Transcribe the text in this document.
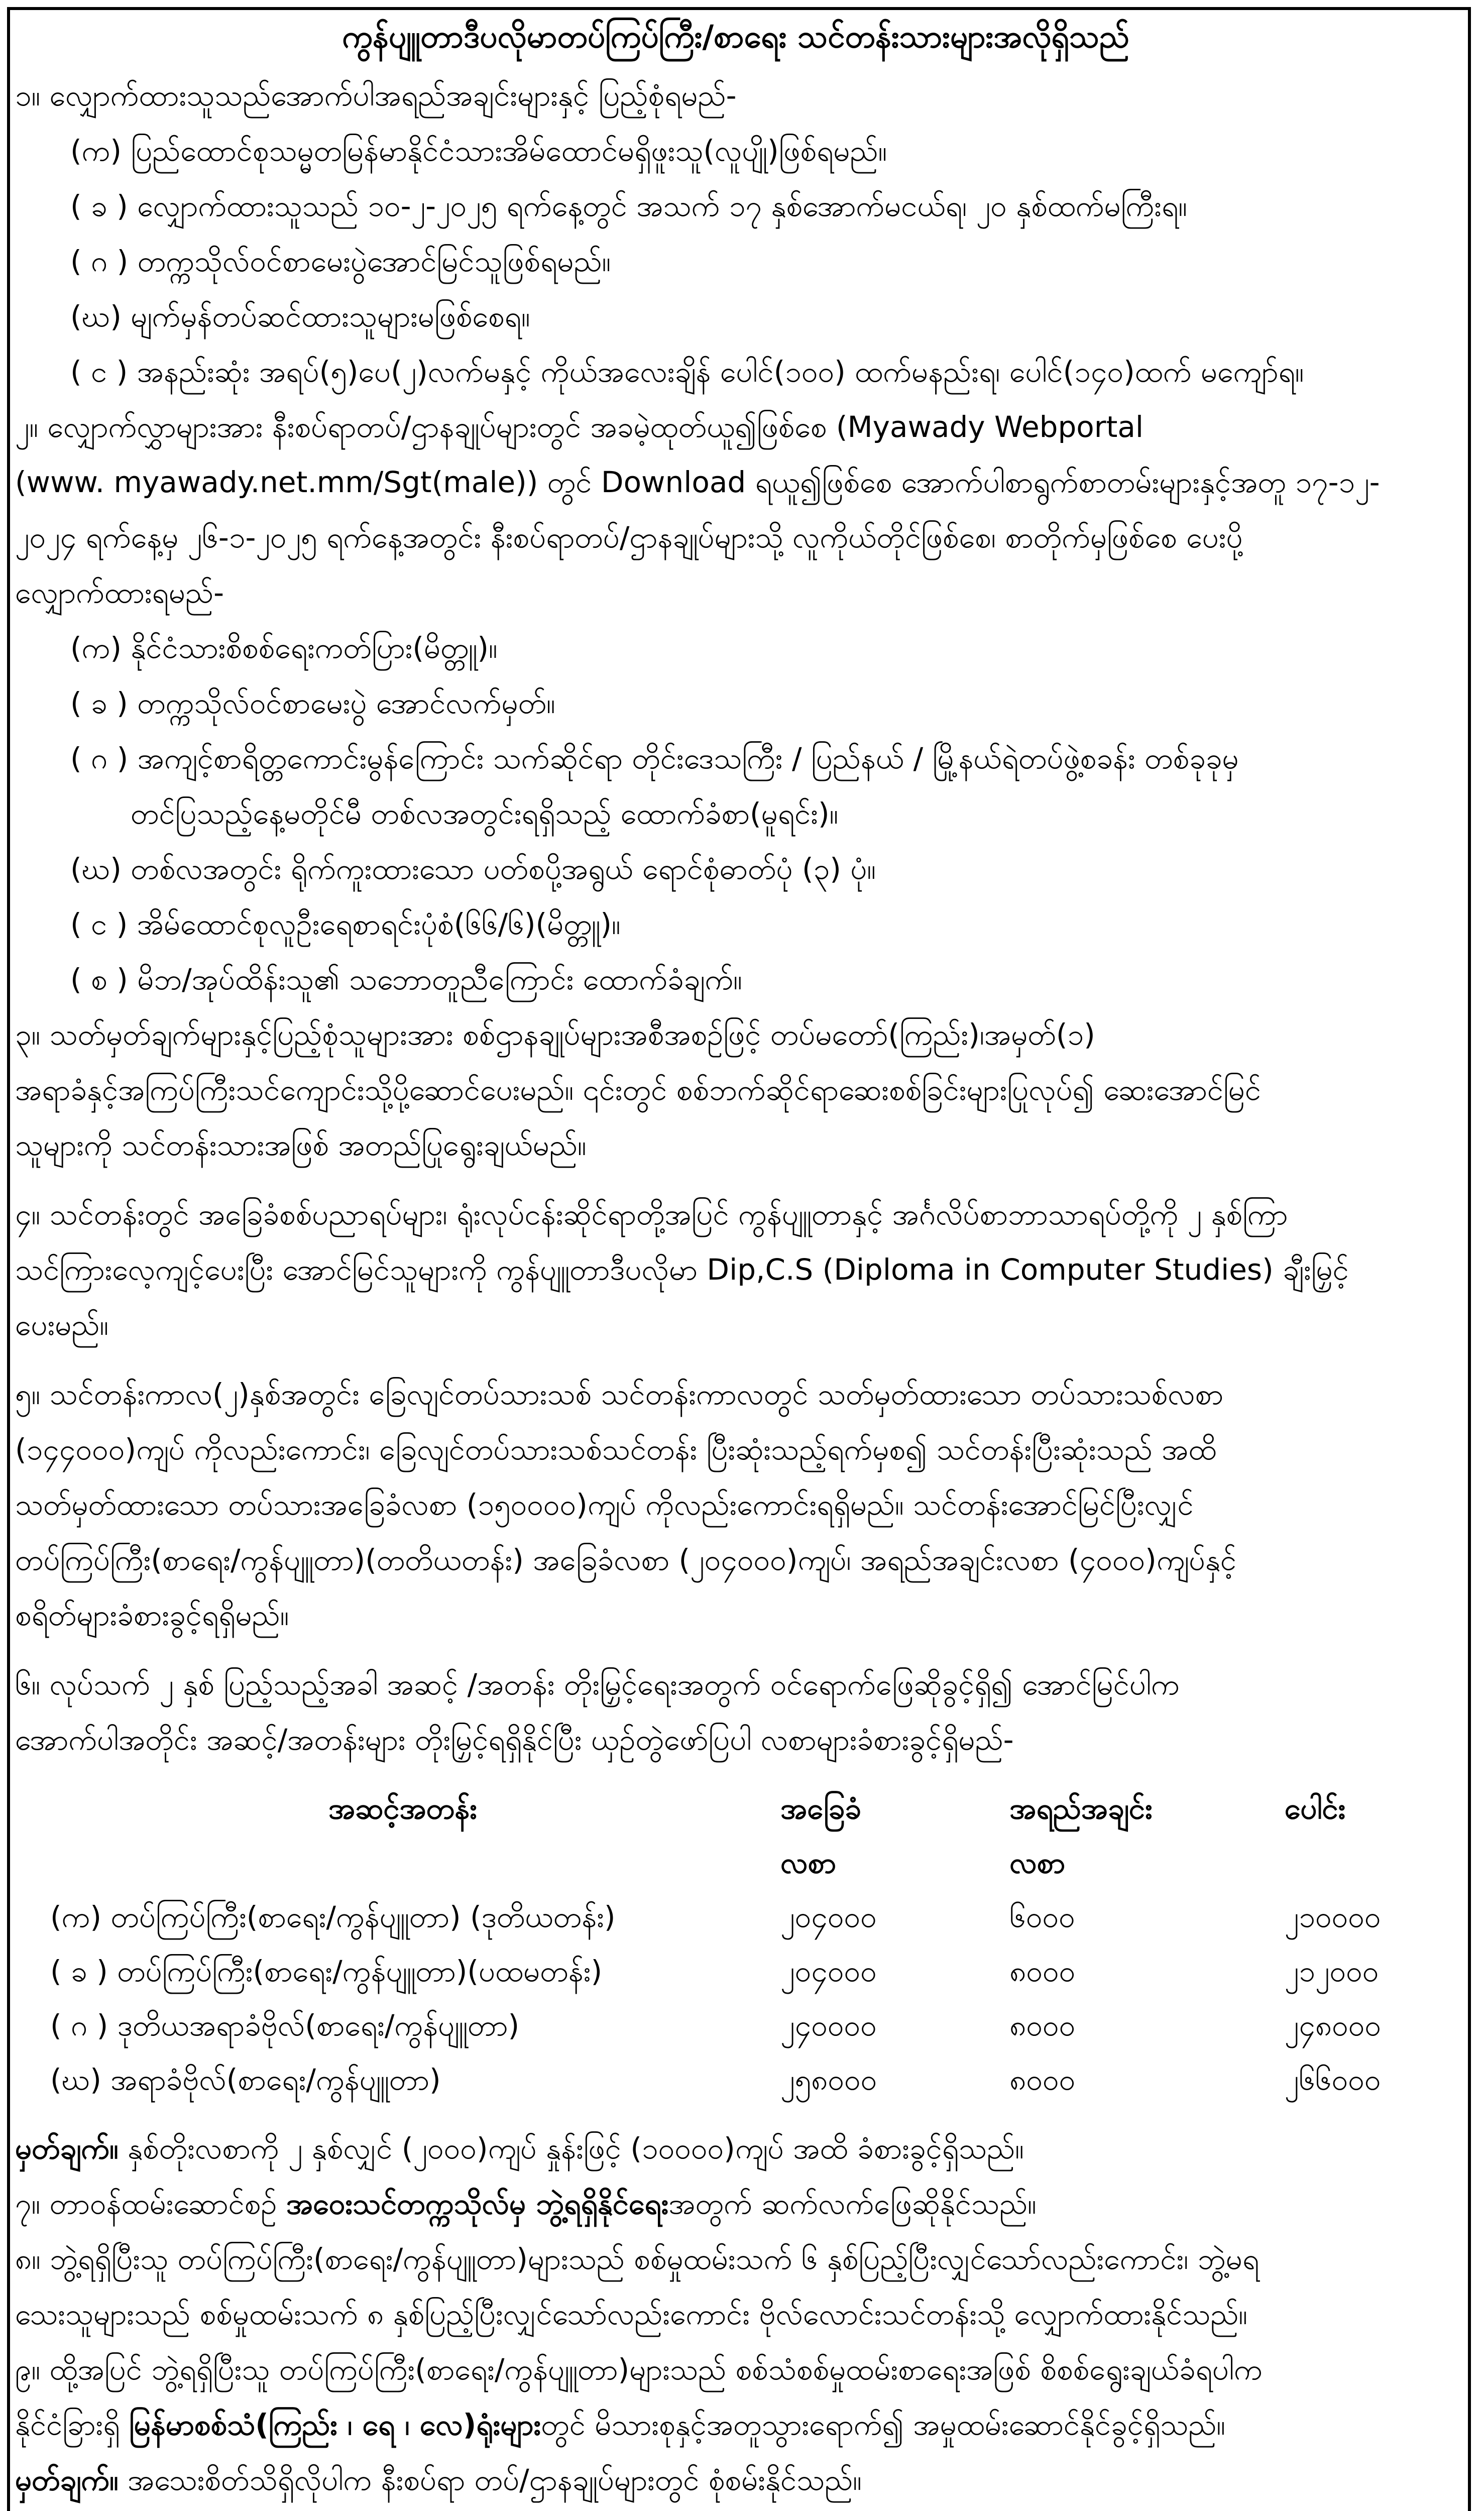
ကွန်ပျူတာဒီပလိုမာတပ်ကြပ်ကြီး/စာရေး သင်တန်းသားများအလိုရှိသည်
၁။ လျှောက်ထားသူသည်အောက်ပါအရည်အချင်းများနှင့် ပြည့်စုံရမည်-
(က) ပြည်ထောင်စုသမ္မတမြန်မာနိုင်ငံသားအိမ်ထောင်မရှိဖူးသူ(လူပျို)ဖြစ်ရမည်။
( ခ ) လျှောက်ထားသူသည် ၁၀-၂-၂၀၂၅ ရက်နေ့တွင် အသက် ၁၇ နှစ်အောက်မငယ်ရ၊ ၂၀ နှစ်ထက်မကြီးရ။
( ဂ ) တက္ကသိုလ်ဝင်စာမေးပွဲအောင်မြင်သူဖြစ်ရမည်။
(ဃ) မျက်မှန်တပ်ဆင်ထားသူများမဖြစ်စေရ။
( င ) အနည်းဆုံး အရပ်(၅)ပေ(၂)လက်မနှင့် ကိုယ်အလေးချိန် ပေါင်(၁၀၀) ထက်မနည်းရ၊ ပေါင်(၁၄၀)ထက် မကျော်ရ။
၂။ လျှောက်လွှာများအား နီးစပ်ရာတပ်/ဌာနချုပ်များတွင် အခမဲ့ထုတ်ယူ၍ဖြစ်စေ (Myawady Webportal
(www. myawady.net.mm/Sgt(male)) တွင် Download ရယူ၍ဖြစ်စေ အောက်ပါစာရွက်စာတမ်းများနှင့်အတူ ၁၇-၁၂-
၂၀၂၄ ရက်နေ့မှ ၂၆-၁-၂၀၂၅ ရက်နေ့အတွင်း နီးစပ်ရာတပ်/ဌာနချုပ်များသို့ လူကိုယ်တိုင်ဖြစ်စေ၊ စာတိုက်မှဖြစ်စေ ပေးပို့
လျှောက်ထားရမည်-
(က) နိုင်ငံသားစိစစ်ရေးကတ်ပြား(မိတ္တူ)။
( ခ ) တက္ကသိုလ်ဝင်စာမေးပွဲ အောင်လက်မှတ်။
( ဂ ) အကျင့်စာရိတ္တကောင်းမွန်ကြောင်း သက်ဆိုင်ရာ တိုင်းဒေသကြီး / ပြည်နယ် / မြို့နယ်ရဲတပ်ဖွဲ့စခန်း တစ်ခုခုမှ
တင်ပြသည့်နေ့မတိုင်မီ တစ်လအတွင်းရရှိသည့် ထောက်ခံစာ(မူရင်း)။
(ဃ) တစ်လအတွင်း ရိုက်ကူးထားသော ပတ်စပို့အရွယ် ရောင်စုံဓာတ်ပုံ (၃) ပုံ။
( င ) အိမ်ထောင်စုလူဦးရေစာရင်းပုံစံ(၆၆/၆)(မိတ္တူ)။
( စ ) မိဘ/အုပ်ထိန်းသူ၏ သဘောတူညီကြောင်း ထောက်ခံချက်။
၃။ သတ်မှတ်ချက်များနှင့်ပြည့်စုံသူများအား စစ်ဌာနချုပ်များအစီအစဉ်ဖြင့် တပ်မတော်(ကြည်း)၊အမှတ်(၁)
အရာခံနှင့်အကြပ်ကြီးသင်ကျောင်းသို့ပို့ဆောင်ပေးမည်။ ၎င်းတွင် စစ်ဘက်ဆိုင်ရာဆေးစစ်ခြင်းများပြုလုပ်၍ ဆေးအောင်မြင်
သူများကို သင်တန်းသားအဖြစ် အတည်ပြုရွေးချယ်မည်။
၄။ သင်တန်းတွင် အခြေခံစစ်ပညာရပ်များ၊ ရုံးလုပ်ငန်းဆိုင်ရာတို့အပြင် ကွန်ပျူတာနှင့် အင်္ဂလိပ်စာဘာသာရပ်တို့ကို ၂ နှစ်ကြာ
သင်ကြားလေ့ကျင့်ပေးပြီး အောင်မြင်သူများကို ကွန်ပျူတာဒီပလိုမာ Dip,C.S (Diploma in Computer Studies) ချီးမြှင့်
ပေးမည်။
၅။ သင်တန်းကာလ(၂)နှစ်အတွင်း ခြေလျင်တပ်သားသစ် သင်တန်းကာလတွင် သတ်မှတ်ထားသော တပ်သားသစ်လစာ
(၁၄၄၀၀၀)ကျပ် ကိုလည်းကောင်း၊ ခြေလျင်တပ်သားသစ်သင်တန်း ပြီးဆုံးသည့်ရက်မှစ၍ သင်တန်းပြီးဆုံးသည် အထိ
သတ်မှတ်ထားသော တပ်သားအခြေခံလစာ (၁၅၀၀၀၀)ကျပ် ကိုလည်းကောင်းရရှိမည်။ သင်တန်းအောင်မြင်ပြီးလျှင်
တပ်ကြပ်ကြီး(စာရေး/ကွန်ပျူတာ)(တတိယတန်း) အခြေခံလစာ (၂၀၄၀၀၀)ကျပ်၊ အရည်အချင်းလစာ (၄၀၀၀)ကျပ်နှင့်
စရိတ်များခံစားခွင့်ရရှိမည်။
၆။ လုပ်သက် ၂ နှစ် ပြည့်သည့်အခါ အဆင့် /အတန်း တိုးမြှင့်ရေးအတွက် ဝင်ရောက်ဖြေဆိုခွင့်ရှိ၍ အောင်မြင်ပါက
အောက်ပါအတိုင်း အဆင့်/အတန်းများ တိုးမြှင့်ရရှိနိုင်ပြီး ယှဉ်တွဲဖော်ပြပါ လစာများခံစားခွင့်ရှိမည်-
အဆင့်အတန်း	အခြေခံ	အရည်အချင်း	ပေါင်း
	လစာ	လစာ	
(က) တပ်ကြပ်ကြီး(စာရေး/ကွန်ပျူတာ) (ဒုတိယတန်း)	၂၀၄၀၀၀	၆၀၀၀	၂၁၀၀၀၀
( ခ ) တပ်ကြပ်ကြီး(စာရေး/ကွန်ပျူတာ)(ပထမတန်း)	၂၀၄၀၀၀	၈၀၀၀	၂၁၂၀၀၀
( ဂ ) ဒုတိယအရာခံဗိုလ်(စာရေး/ကွန်ပျူတာ)	၂၄၀၀၀၀	၈၀၀၀	၂၄၈၀၀၀
(ဃ) အရာခံဗိုလ်(စာရေး/ကွန်ပျူတာ)	၂၅၈၀၀၀	၈၀၀၀	၂၆၆၀၀၀
မှတ်ချက်။ နှစ်တိုးလစာကို ၂ နှစ်လျှင် (၂၀၀၀)ကျပ် နှုန်းဖြင့် (၁၀၀၀၀)ကျပ် အထိ ခံစားခွင့်ရှိသည်။
၇။ တာဝန်ထမ်းဆောင်စဉ် အဝေးသင်တက္ကသိုလ်မှ ဘွဲ့ရရှိနိုင်ရေးအတွက် ဆက်လက်ဖြေဆိုနိုင်သည်။
၈။ ဘွဲ့ရရှိပြီးသူ တပ်ကြပ်ကြီး(စာရေး/ကွန်ပျူတာ)များသည် စစ်မှုထမ်းသက် ၆ နှစ်ပြည့်ပြီးလျှင်သော်လည်းကောင်း၊ ဘွဲ့မရ
သေးသူများသည် စစ်မှုထမ်းသက် ၈ နှစ်ပြည့်ပြီးလျှင်သော်လည်းကောင်း ဗိုလ်လောင်းသင်တန်းသို့ လျှောက်ထားနိုင်သည်။
၉။ ထို့အပြင် ဘွဲ့ရရှိပြီးသူ တပ်ကြပ်ကြီး(စာရေး/ကွန်ပျူတာ)များသည် စစ်သံစစ်မှုထမ်းစာရေးအဖြစ် စိစစ်ရွေးချယ်ခံရပါက
နိုင်ငံခြားရှိ မြန်မာစစ်သံ(ကြည်း ၊ ရေ ၊ လေ)ရုံးများတွင် မိသားစုနှင့်အတူသွားရောက်၍ အမှုထမ်းဆောင်နိုင်ခွင့်ရှိသည်။
မှတ်ချက်။ အသေးစိတ်သိရှိလိုပါက နီးစပ်ရာ တပ်/ဌာနချုပ်များတွင် စုံစမ်းနိုင်သည်။
